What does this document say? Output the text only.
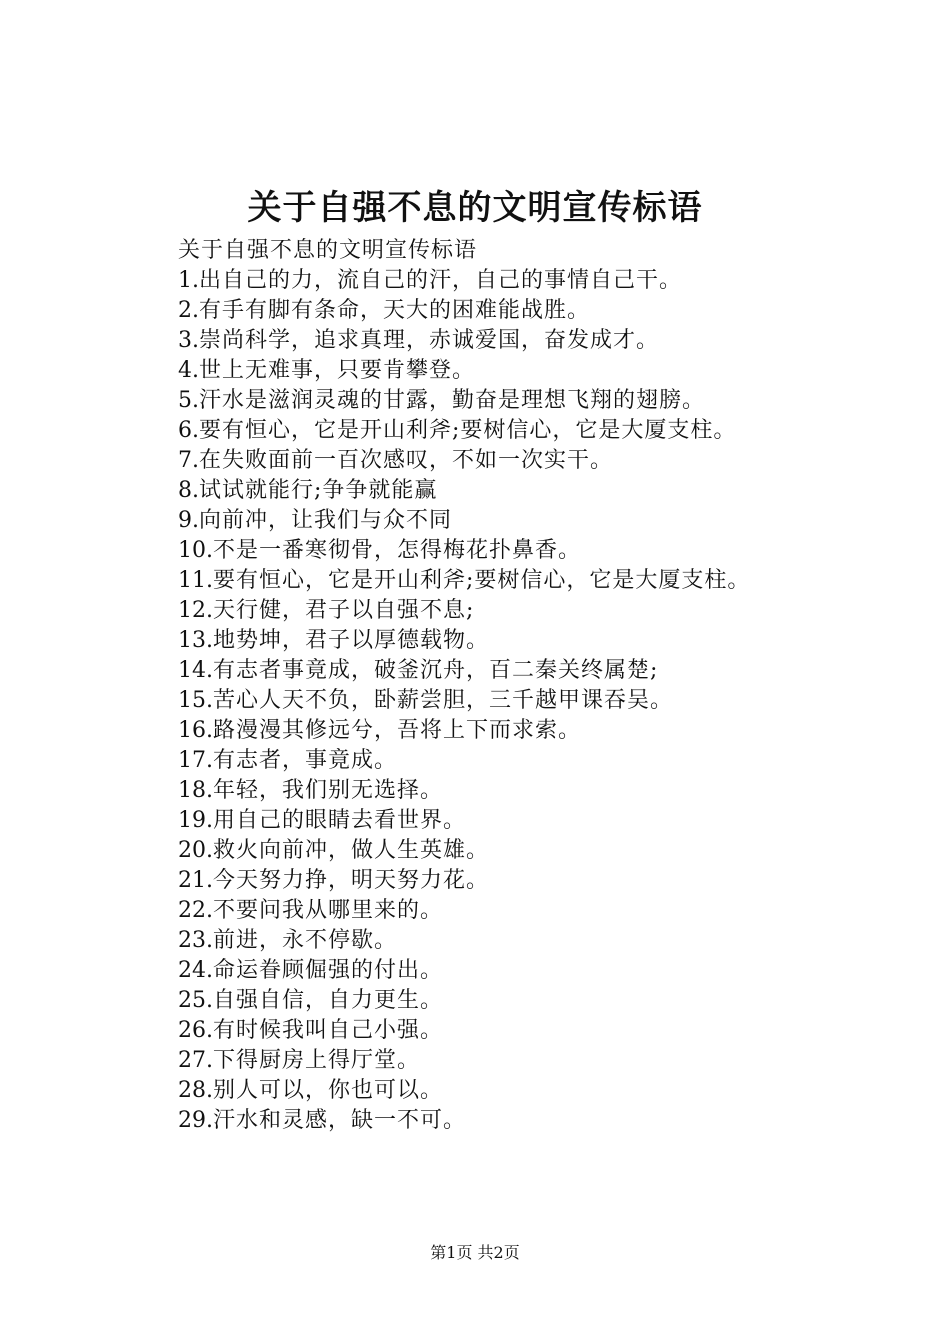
关于自强不息的文明宣传标语

关于自强不息的文明宣传标语

1.出自己的力，流自己的汗，自己的事情自己干。
2.有手有脚有条命，天大的困难能战胜。
3.崇尚科学，追求真理，赤诚爱国，奋发成才。
4.世上无难事，只要肯攀登。
5.汗水是滋润灵魂的甘露，勤奋是理想飞翔的翅膀。
6.要有恒心，它是开山利斧;要树信心，它是大厦支柱。
7.在失败面前一百次感叹，不如一次实干。
8.试试就能行;争争就能赢
9.向前冲，让我们与众不同
10.不是一番寒彻骨，怎得梅花扑鼻香。
11.要有恒心，它是开山利斧;要树信心，它是大厦支柱。
12.天行健，君子以自强不息;
13.地势坤，君子以厚德载物。
14.有志者事竟成，破釜沉舟，百二秦关终属楚;
15.苦心人天不负，卧薪尝胆，三千越甲课吞吴。
16.路漫漫其修远兮，吾将上下而求索。
17.有志者，事竟成。
18.年轻，我们别无选择。
19.用自己的眼睛去看世界。
20.救火向前冲，做人生英雄。
21.今天努力挣，明天努力花。
22.不要问我从哪里来的。
23.前进，永不停歇。
24.命运眷顾倔强的付出。
25.自强自信，自力更生。
26.有时候我叫自己小强。
27.下得厨房上得厅堂。
28.别人可以，你也可以。
29.汗水和灵感，缺一不可。
第1页 共2页
